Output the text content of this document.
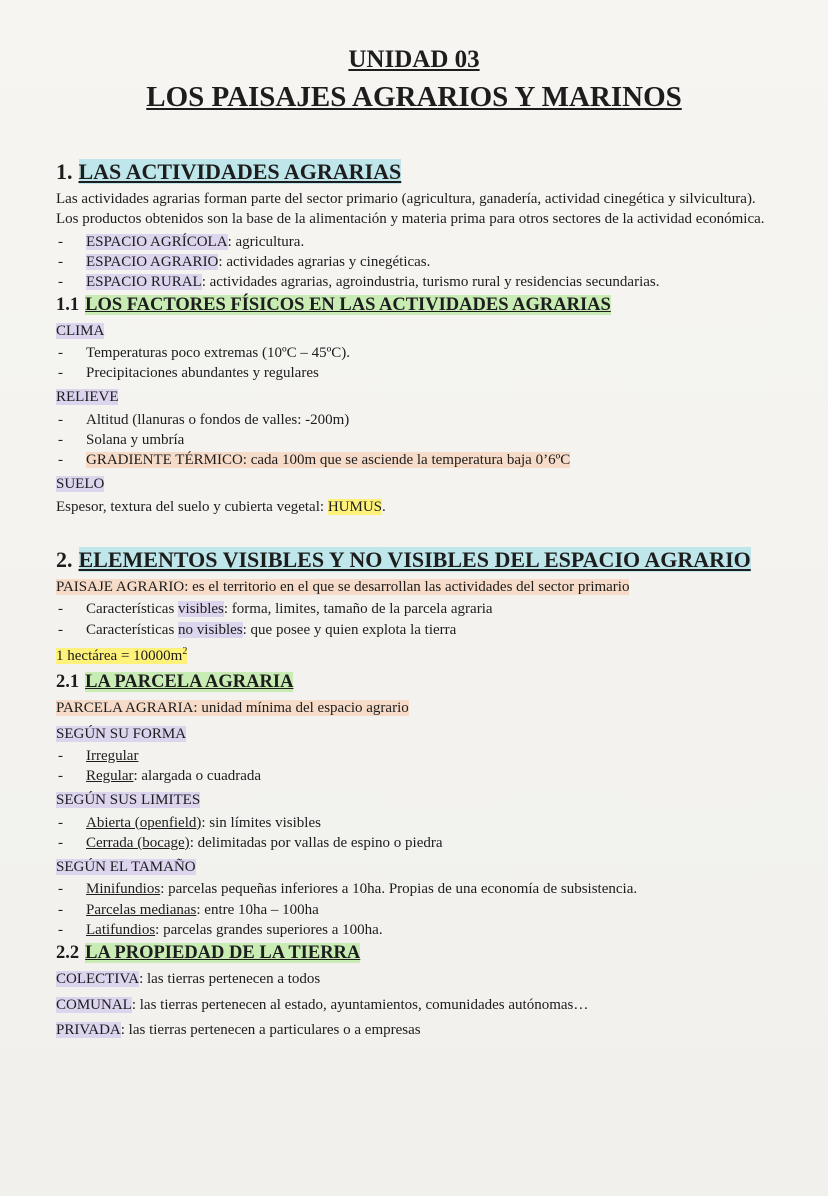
UNIDAD 03
LOS PAISAJES AGRARIOS Y MARINOS
1. LAS ACTIVIDADES AGRARIAS

Las actividades agrarias forman parte del sector primario (agricultura, ganadería, actividad cinegética y silvicultura). Los productos obtenidos son la base de la alimentación y materia prima para otros sectores de la actividad económica.

- ESPACIO AGRÍCOLA: agricultura.
- ESPACIO AGRARIO: actividades agrarias y cinegéticas.
- ESPACIO RURAL: actividades agrarias, agroindustria, turismo rural y residencias secundarias.
1.1 LOS FACTORES FÍSICOS EN LAS ACTIVIDADES AGRARIAS
CLIMA
- Temperaturas poco extremas (10ºC – 45ºC).
- Precipitaciones abundantes y regulares
RELIEVE
- Altitud (llanuras o fondos de valles: -200m)
- Solana y umbría
- GRADIENTE TÉRMICO: cada 100m que se asciende la temperatura baja 0’6ºC
SUELO

Espesor, textura del suelo y cubierta vegetal: HUMUS.

2. ELEMENTOS VISIBLES Y NO VISIBLES DEL ESPACIO AGRARIO

PAISAJE AGRARIO: es el territorio en el que se desarrollan las actividades del sector primario

- Características visibles: forma, limites, tamaño de la parcela agraria
- Características no visibles: que posee y quien explota la tierra

1 hectárea = $10000m^2$

2.1 LA PARCELA AGRARIA

PARCELA AGRARIA: unidad mínima del espacio agrario

SEGÚN SU FORMA
- Irregular
- Regular: alargada o cuadrada
SEGÚN SUS LIMITES
- Abierta (openfield): sin límites visibles
- Cerrada (bocage): delimitadas por vallas de espino o piedra
SEGÚN EL TAMAÑO
- Minifundios: parcelas pequeñas inferiores a 10ha. Propias de una economía de subsistencia.
- Parcelas medianas: entre 10ha – 100ha
- Latifundios: parcelas grandes superiores a 100ha.
2.2 LA PROPIEDAD DE LA TIERRA

COLECTIVA: las tierras pertenecen a todos

COMUNAL: las tierras pertenecen al estado, ayuntamientos, comunidades autónomas…

PRIVADA: las tierras pertenecen a particulares o a empresas
